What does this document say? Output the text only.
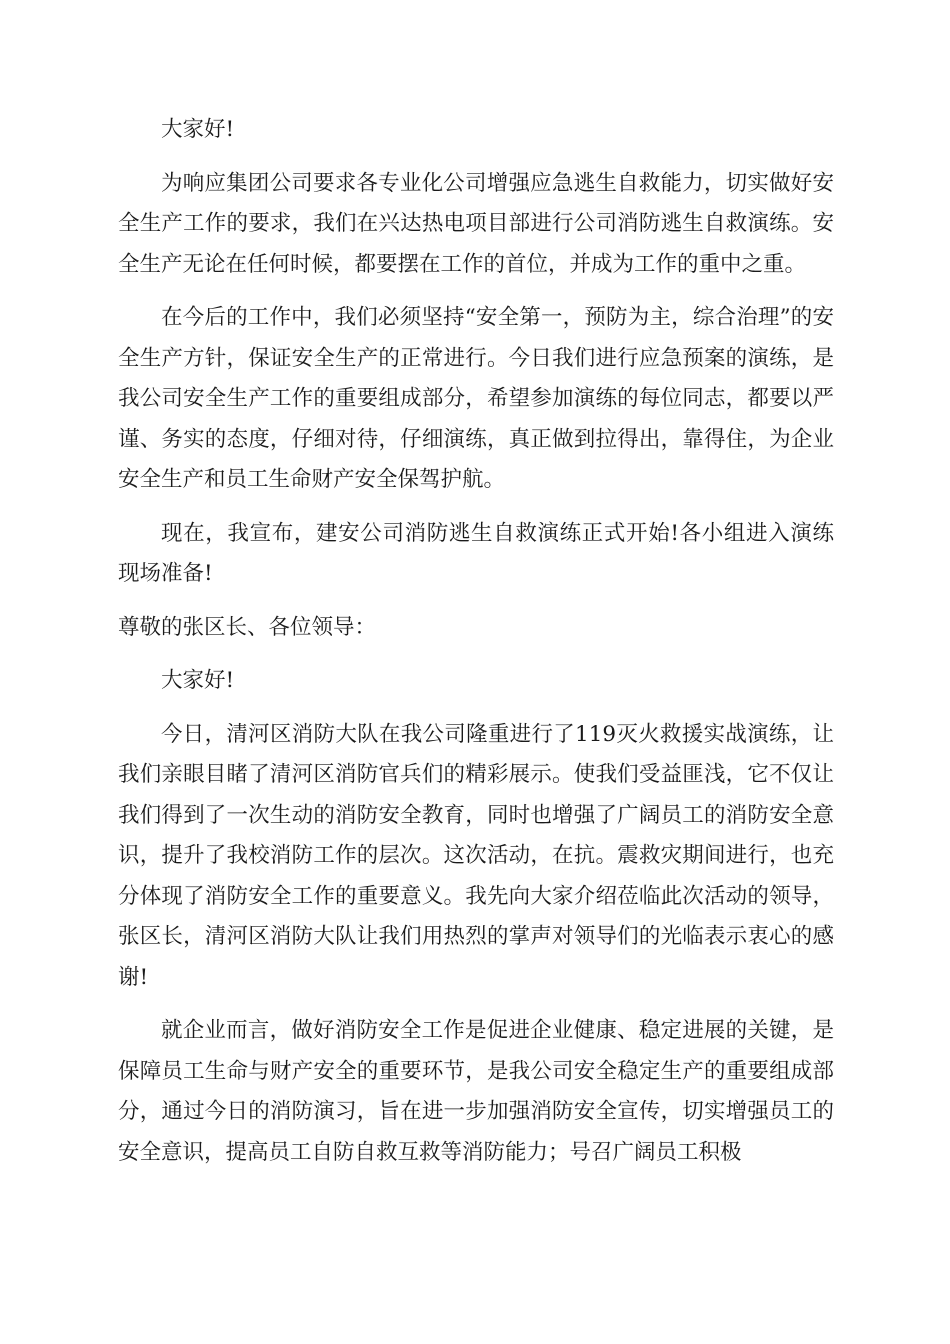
大家好!

为响应集团公司要求各专业化公司增强应急逃生自救能力，切实做好安全生产工作的要求，我们在兴达热电项目部进行公司消防逃生自救演练。安全生产无论在任何时候，都要摆在工作的首位，并成为工作的重中之重。

在今后的工作中，我们必须坚持“安全第一，预防为主，综合治理”的安全生产方针，保证安全生产的正常进行。今日我们进行应急预案的演练，是我公司安全生产工作的重要组成部分，希望参加演练的每位同志，都要以严谨、务实的态度，仔细对待，仔细演练，真正做到拉得出，靠得住，为企业安全生产和员工生命财产安全保驾护航。

现在，我宣布，建安公司消防逃生自救演练正式开始!各小组进入演练现场准备!

尊敬的张区长、各位领导：

大家好!

今日，清河区消防大队在我公司隆重进行了119灭火救援实战演练，让我们亲眼目睹了清河区消防官兵们的精彩展示。使我们受益匪浅，它不仅让我们得到了一次生动的消防安全教育，同时也增强了广阔员工的消防安全意识，提升了我校消防工作的层次。这次活动，在抗。震救灾期间进行，也充分体现了消防安全工作的重要意义。我先向大家介绍莅临此次活动的领导，张区长，清河区消防大队让我们用热烈的掌声对领导们的光临表示衷心的感谢!

就企业而言，做好消防安全工作是促进企业健康、稳定进展的关键，是保障员工生命与财产安全的重要环节，是我公司安全稳定生产的重要组成部分，通过今日的消防演习，旨在进一步加强消防安全宣传，切实增强员工的安全意识，提高员工自防自救互救等消防能力；号召广阔员工积极
